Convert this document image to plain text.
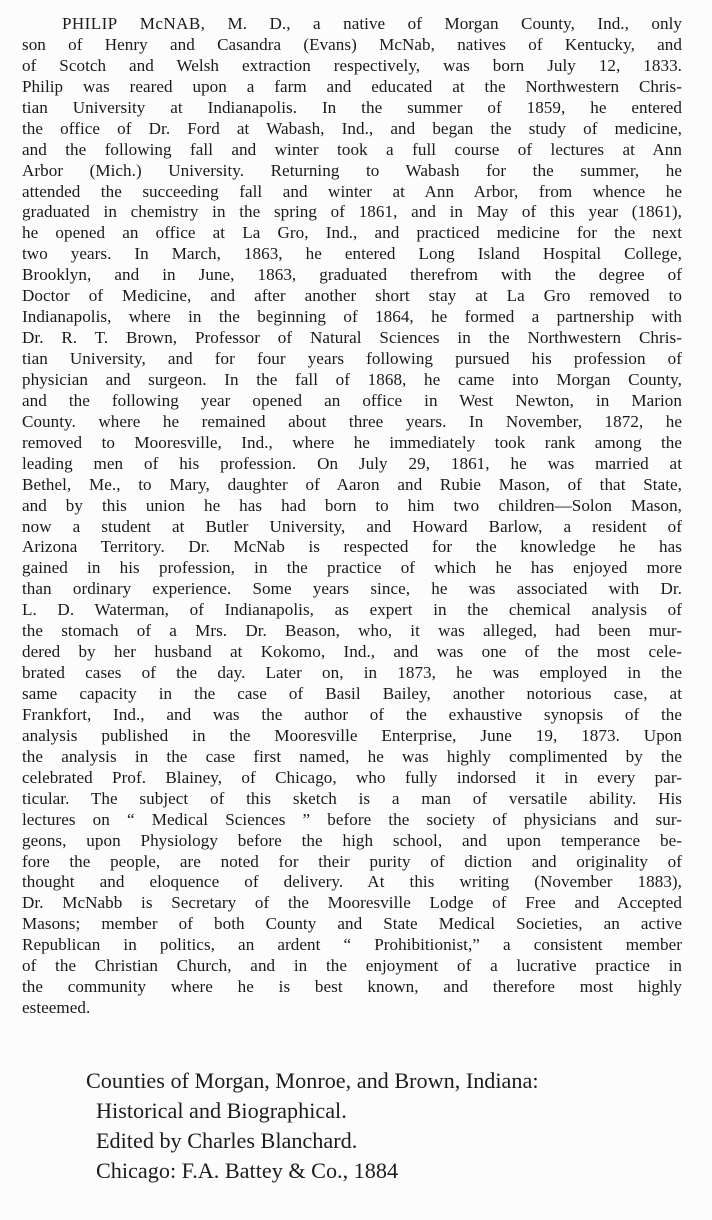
PHILIP McNAB, M. D., a native of Morgan County, Ind., only
son of Henry and Casandra (Evans) McNab, natives of Kentucky, and
of Scotch and Welsh extraction respectively, was born July 12, 1833.
Philip was reared upon a farm and educated at the Northwestern Chris-
tian University at Indianapolis. In the summer of 1859, he entered
the office of Dr. Ford at Wabash, Ind., and began the study of medicine,
and the following fall and winter took a full course of lectures at Ann
Arbor (Mich.) University. Returning to Wabash for the summer, he
attended the succeeding fall and winter at Ann Arbor, from whence he
graduated in chemistry in the spring of 1861, and in May of this year (1861),
he opened an office at La Gro, Ind., and practiced medicine for the next
two years. In March, 1863, he entered Long Island Hospital College,
Brooklyn, and in June, 1863, graduated therefrom with the degree of
Doctor of Medicine, and after another short stay at La Gro removed to
Indianapolis, where in the beginning of 1864, he formed a partnership with
Dr. R. T. Brown, Professor of Natural Sciences in the Northwestern Chris-
tian University, and for four years following pursued his profession of
physician and surgeon. In the fall of 1868, he came into Morgan County,
and the following year opened an office in West Newton, in Marion
County. where he remained about three years. In November, 1872, he
removed to Mooresville, Ind., where he immediately took rank among the
leading men of his profession. On July 29, 1861, he was married at
Bethel, Me., to Mary, daughter of Aaron and Rubie Mason, of that State,
and by this union he has had born to him two children—Solon Mason,
now a student at Butler University, and Howard Barlow, a resident of
Arizona Territory. Dr. McNab is respected for the knowledge he has
gained in his profession, in the practice of which he has enjoyed more
than ordinary experience. Some years since, he was associated with Dr.
L. D. Waterman, of Indianapolis, as expert in the chemical analysis of
the stomach of a Mrs. Dr. Beason, who, it was alleged, had been mur-
dered by her husband at Kokomo, Ind., and was one of the most cele-
brated cases of the day. Later on, in 1873, he was employed in the
same capacity in the case of Basil Bailey, another notorious case, at
Frankfort, Ind., and was the author of the exhaustive synopsis of the
analysis published in the Mooresville Enterprise, June 19, 1873. Upon
the analysis in the case first named, he was highly complimented by the
celebrated Prof. Blainey, of Chicago, who fully indorsed it in every par-
ticular. The subject of this sketch is a man of versatile ability. His
lectures on “ Medical Sciences ” before the society of physicians and sur-
geons, upon Physiology before the high school, and upon temperance be-
fore the people, are noted for their purity of diction and originality of
thought and eloquence of delivery. At this writing (November 1883),
Dr. McNabb is Secretary of the Mooresville Lodge of Free and Accepted
Masons; member of both County and State Medical Societies, an active
Republican in politics, an ardent “ Prohibitionist,” a consistent member
of the Christian Church, and in the enjoyment of a lucrative practice in
the community where he is best known, and therefore most highly
esteemed.
Counties of Morgan, Monroe, and Brown, Indiana:
Historical and Biographical.
Edited by Charles Blanchard.
Chicago: F.A. Battey & Co., 1884
